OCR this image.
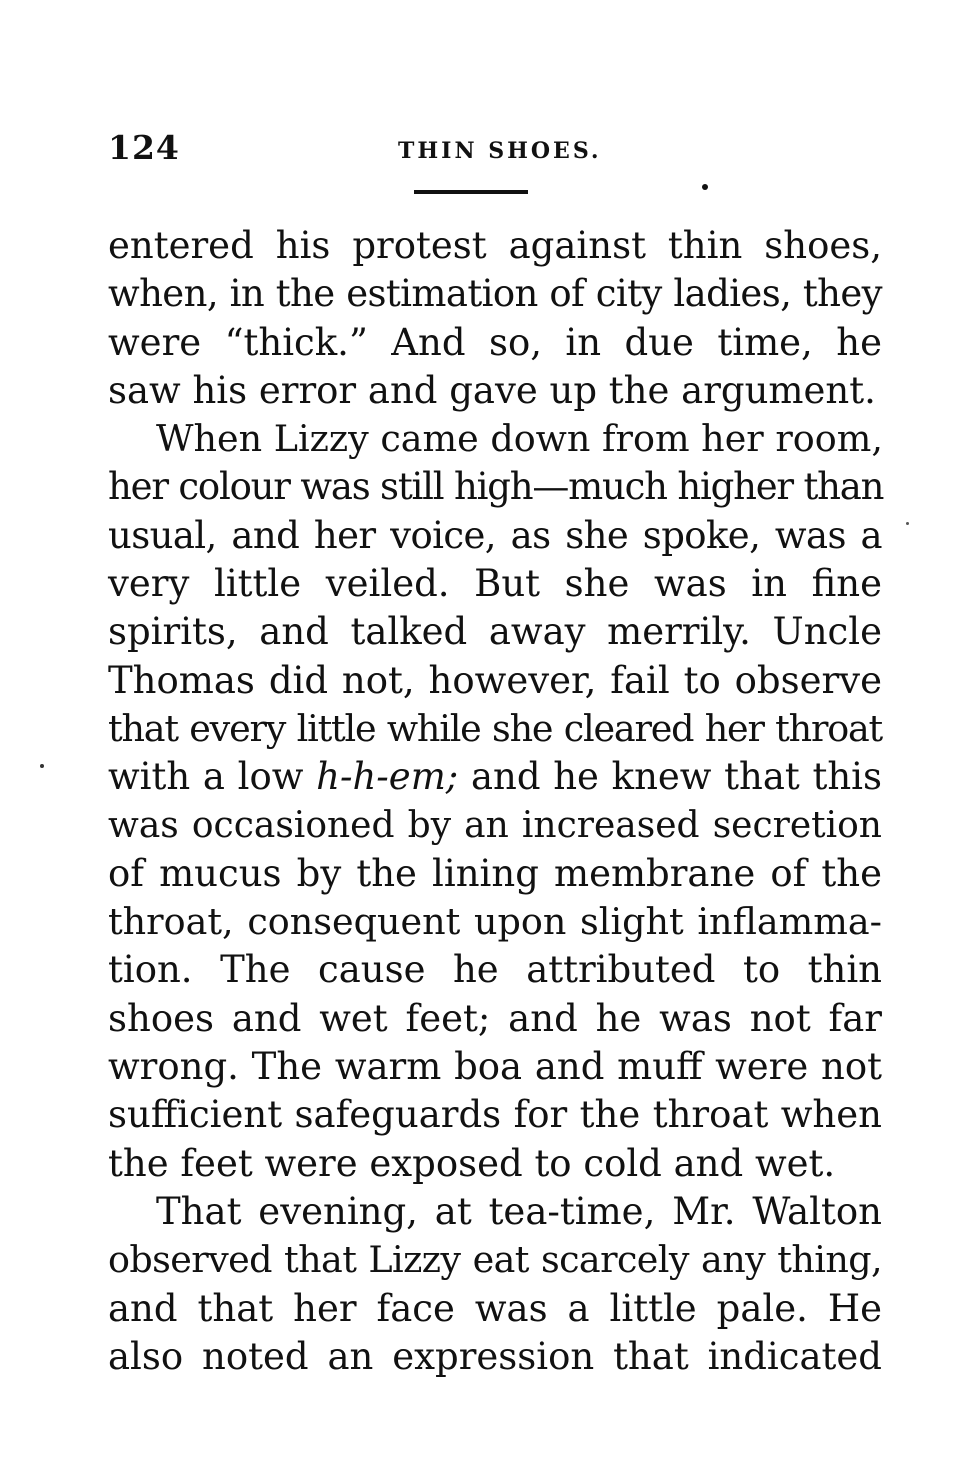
124	THIN SHOES.
entered his protest against thin shoes,
when, in the estimation of city ladies, they
were “thick.” And so, in due time, he
saw his error and gave up the argument.
When Lizzy came down from her room,
her colour was still high—much higher than
usual, and her voice, as she spoke, was a
very little veiled. But she was in fine
spirits, and talked away merrily. Uncle
Thomas did not, however, fail to observe
that every little while she cleared her throat
with a low h-h-em; and he knew that this
was occasioned by an increased secretion
of mucus by the lining membrane of the
throat, consequent upon slight inflamma-
tion. The cause he attributed to thin
shoes and wet feet; and he was not far
wrong. The warm boa and muff were not
sufficient safeguards for the throat when
the feet were exposed to cold and wet.
That evening, at tea-time, Mr. Walton
observed that Lizzy eat scarcely any thing,
and that her face was a little pale. He
also noted an expression that indicated
